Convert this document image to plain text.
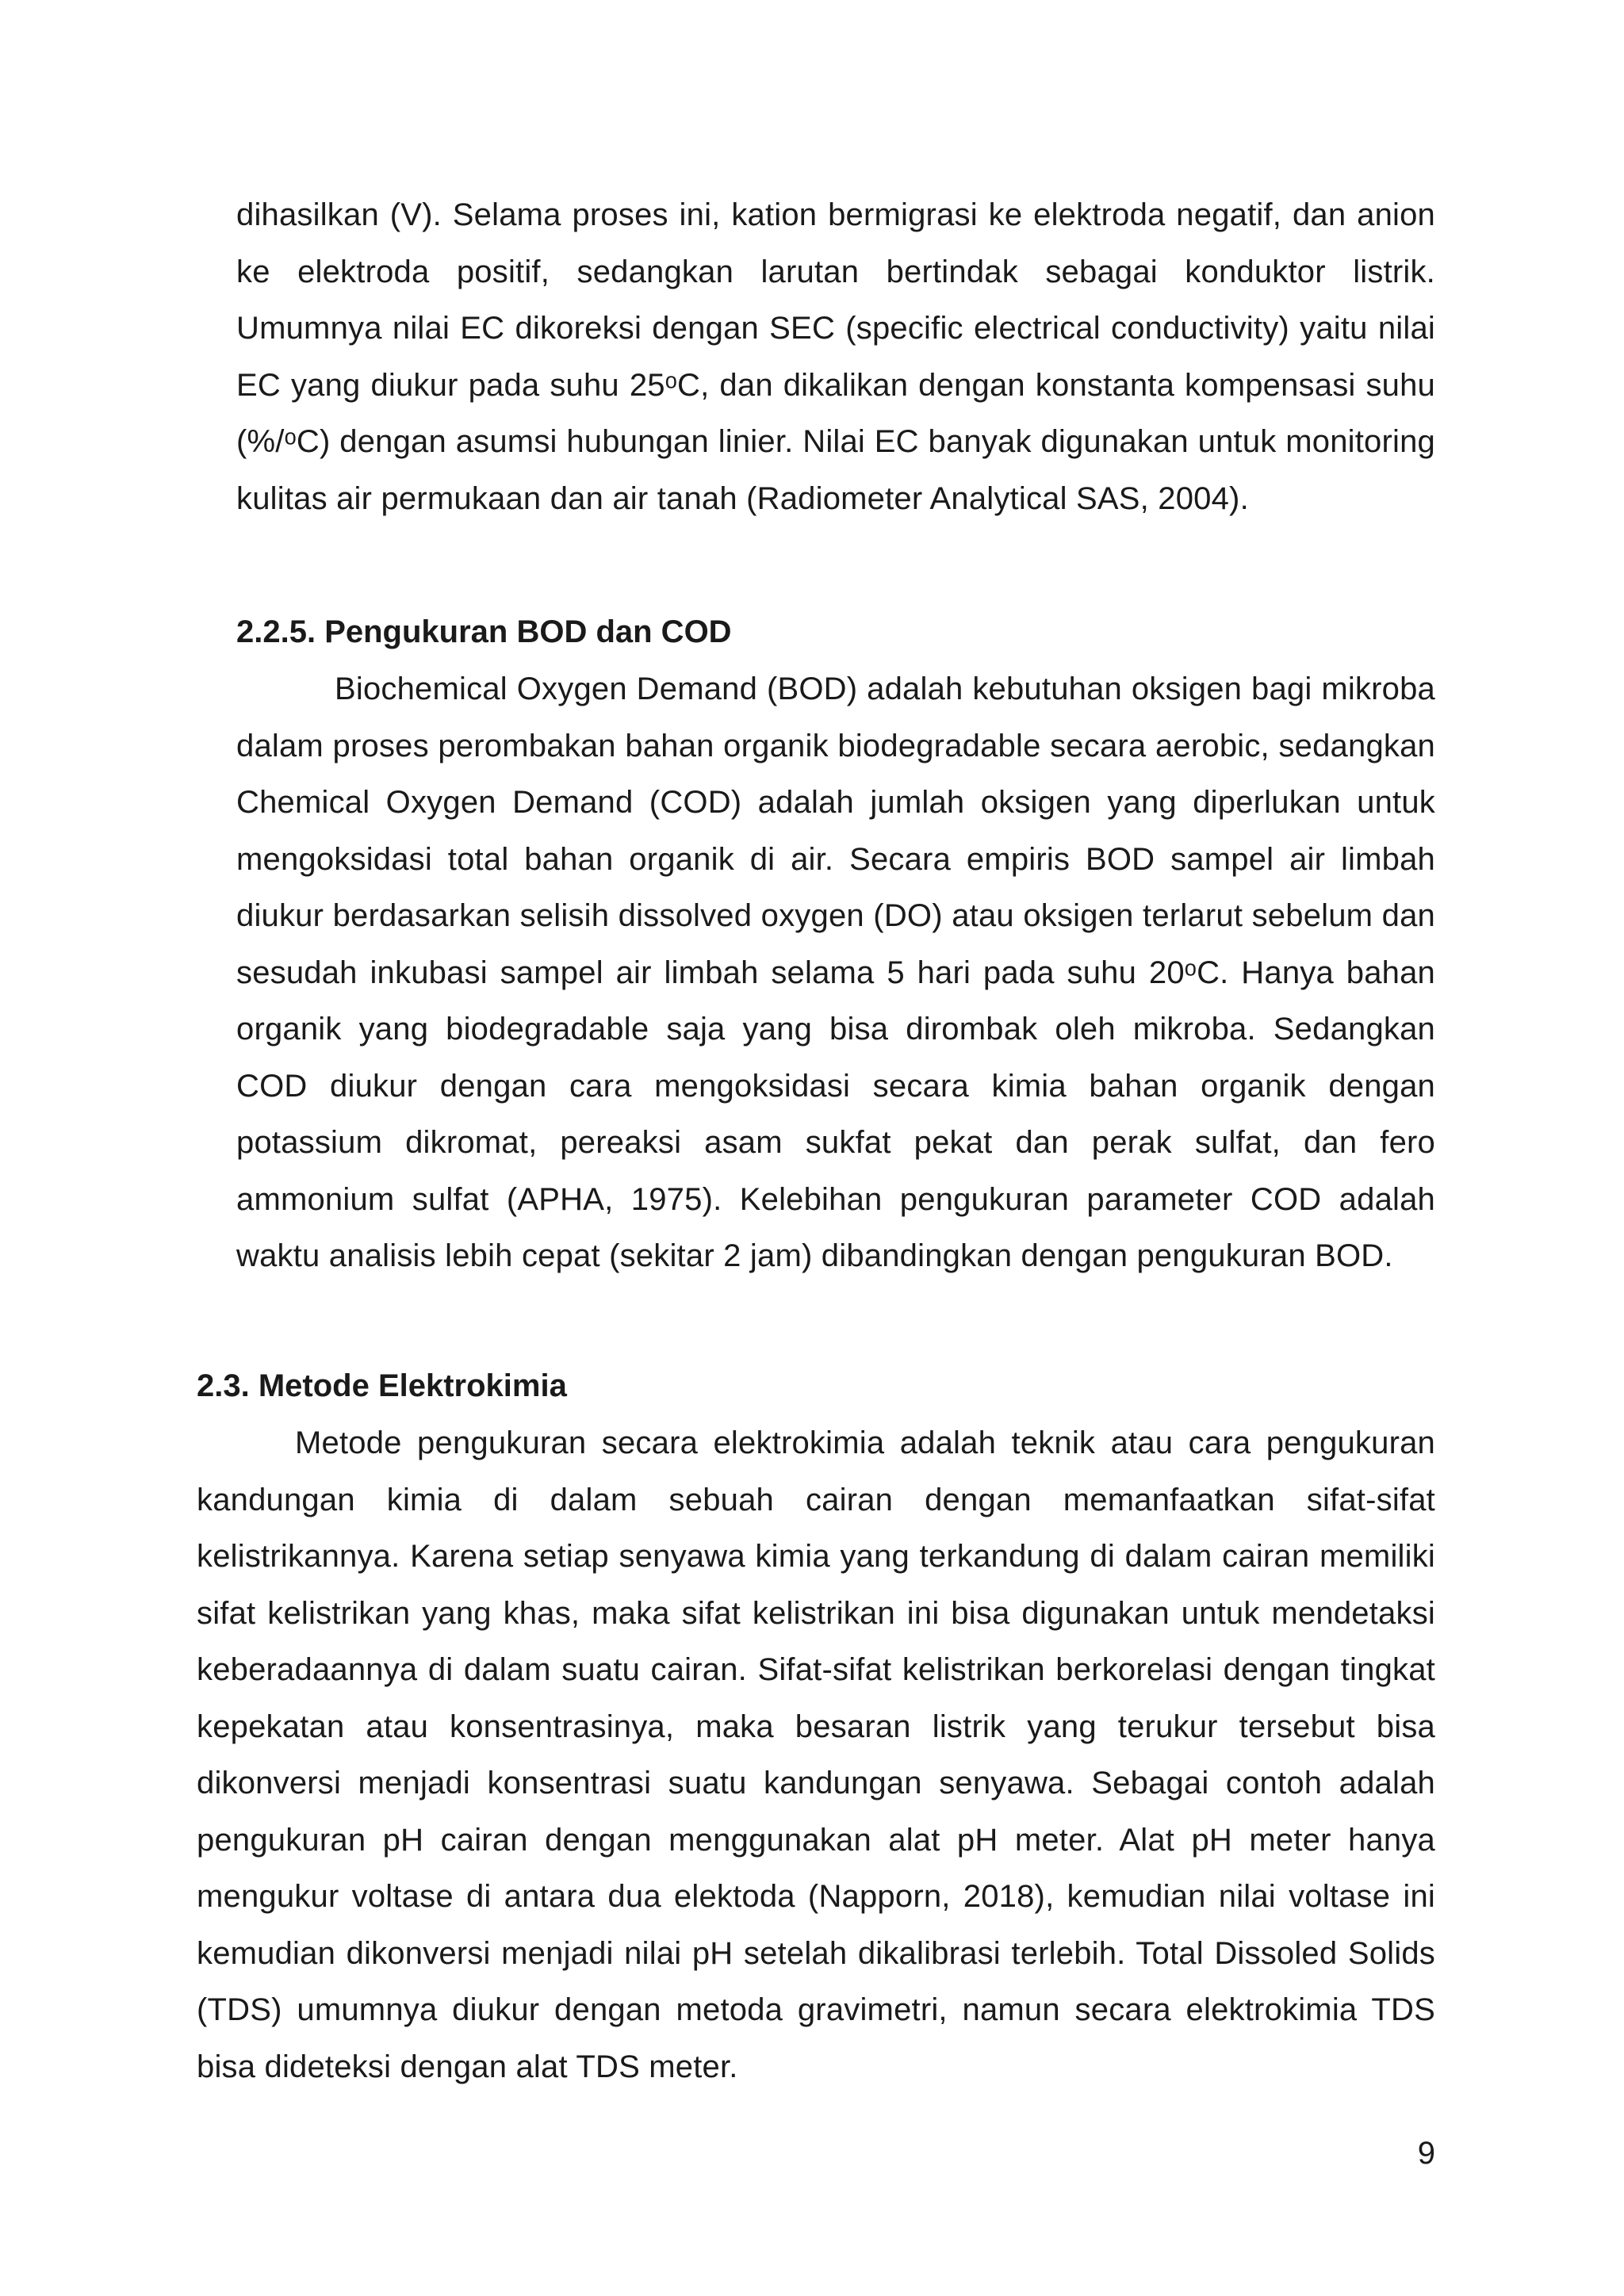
dihasilkan (V). Selama proses ini, kation bermigrasi ke elektroda negatif, dan anion ke elektroda positif, sedangkan larutan bertindak sebagai konduktor listrik. Umumnya nilai EC dikoreksi dengan SEC (specific electrical conductivity) yaitu nilai EC yang diukur pada suhu 25ᵒC, dan dikalikan dengan konstanta kompensasi suhu (%/ᵒC) dengan asumsi hubungan linier. Nilai EC banyak digunakan untuk monitoring kulitas air permukaan dan air tanah (Radiometer Analytical SAS, 2004).

2.2.5. Pengukuran BOD dan COD

Biochemical Oxygen Demand (BOD) adalah kebutuhan oksigen bagi mikroba dalam proses perombakan bahan organik biodegradable secara aerobic, sedangkan Chemical Oxygen Demand (COD) adalah jumlah oksigen yang diperlukan untuk mengoksidasi total bahan organik di air. Secara empiris BOD sampel air limbah diukur berdasarkan selisih dissolved oxygen (DO) atau oksigen terlarut sebelum dan sesudah inkubasi sampel air limbah selama 5 hari pada suhu 20ᵒC. Hanya bahan organik yang biodegradable saja yang bisa dirombak oleh mikroba. Sedangkan COD diukur dengan cara mengoksidasi secara kimia bahan organik dengan potassium dikromat, pereaksi asam sukfat pekat dan perak sulfat, dan fero ammonium sulfat (APHA, 1975). Kelebihan pengukuran parameter COD adalah waktu analisis lebih cepat (sekitar 2 jam) dibandingkan dengan pengukuran BOD.

2.3. Metode Elektrokimia

Metode pengukuran secara elektrokimia adalah teknik atau cara pengukuran kandungan kimia di dalam sebuah cairan dengan memanfaatkan sifat-sifat kelistrikannya. Karena setiap senyawa kimia yang terkandung di dalam cairan memiliki sifat kelistrikan yang khas, maka sifat kelistrikan ini bisa digunakan untuk mendetaksi keberadaannya di dalam suatu cairan. Sifat-sifat kelistrikan berkorelasi dengan tingkat kepekatan atau konsentrasinya, maka besaran listrik yang terukur tersebut bisa dikonversi menjadi konsentrasi suatu kandungan senyawa. Sebagai contoh adalah pengukuran pH cairan dengan menggunakan alat pH meter. Alat pH meter hanya mengukur voltase di antara dua elektoda (Napporn, 2018), kemudian nilai voltase ini kemudian dikonversi menjadi nilai pH setelah dikalibrasi terlebih. Total Dissoled Solids (TDS) umumnya diukur dengan metoda gravimetri, namun secara elektrokimia TDS bisa dideteksi dengan alat TDS meter.

9
